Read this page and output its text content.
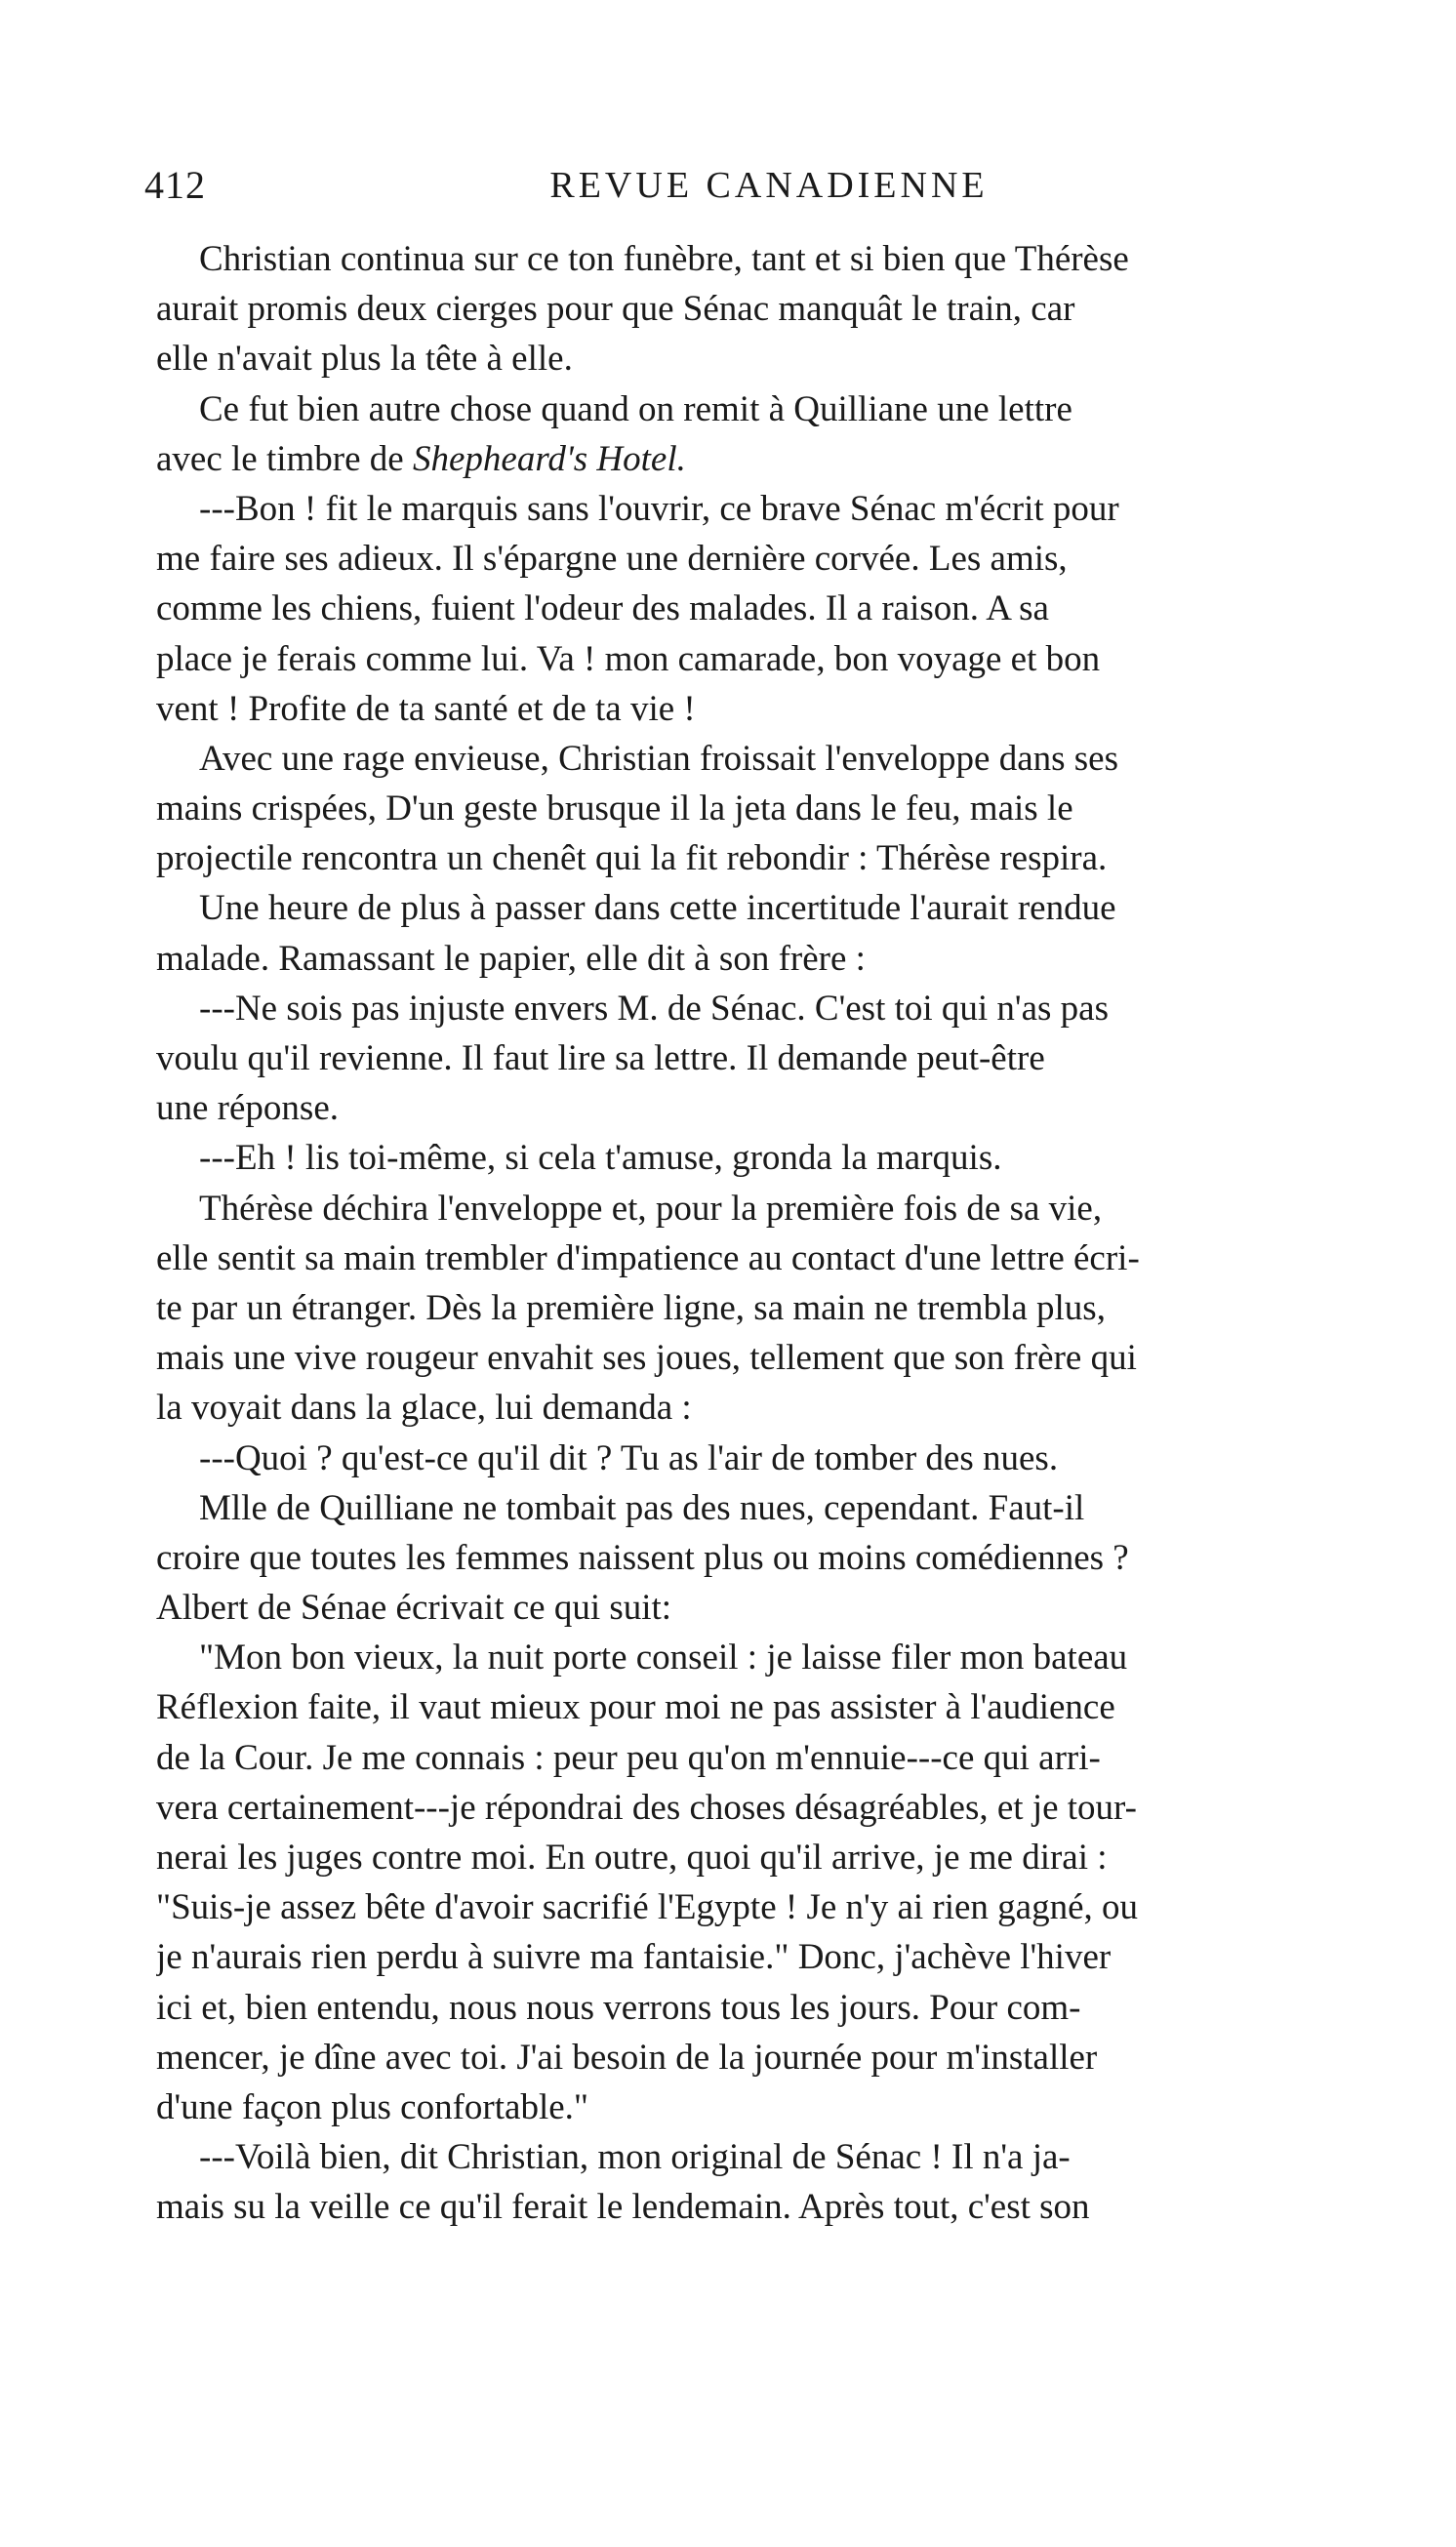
412	REVUE CANADIENNE
Christian continua sur ce ton funèbre, tant et si bien que Thérèse
aurait promis deux cierges pour que Sénac manquât le train, car
elle n'avait plus la tête à elle.
Ce fut bien autre chose quand on remit à Quilliane une lettre
avec le timbre de Shepheard's Hotel.
---Bon ! fit le marquis sans l'ouvrir, ce brave Sénac m'écrit pour
me faire ses adieux. Il s'épargne une dernière corvée. Les amis,
comme les chiens, fuient l'odeur des malades. Il a raison. A sa
place je ferais comme lui. Va ! mon camarade, bon voyage et bon
vent ! Profite de ta santé et de ta vie !
Avec une rage envieuse, Christian froissait l'enveloppe dans ses
mains crispées, D'un geste brusque il la jeta dans le feu, mais le
projectile rencontra un chenêt qui la fit rebondir : Thérèse respira.
Une heure de plus à passer dans cette incertitude l'aurait rendue
malade. Ramassant le papier, elle dit à son frère :
---Ne sois pas injuste envers M. de Sénac. C'est toi qui n'as pas
voulu qu'il revienne. Il faut lire sa lettre. Il demande peut-être
une réponse.
---Eh ! lis toi-même, si cela t'amuse, gronda la marquis.
Thérèse déchira l'enveloppe et, pour la première fois de sa vie,
elle sentit sa main trembler d'impatience au contact d'une lettre écri-
te par un étranger. Dès la première ligne, sa main ne trembla plus,
mais une vive rougeur envahit ses joues, tellement que son frère qui
la voyait dans la glace, lui demanda :
---Quoi ? qu'est-ce qu'il dit ? Tu as l'air de tomber des nues.
Mlle de Quilliane ne tombait pas des nues, cependant. Faut-il
croire que toutes les femmes naissent plus ou moins comédiennes ?
Albert de Sénae écrivait ce qui suit:
"Mon bon vieux, la nuit porte conseil : je laisse filer mon bateau
Réflexion faite, il vaut mieux pour moi ne pas assister à l'audience
de la Cour. Je me connais : peur peu qu'on m'ennuie---ce qui arri-
vera certainement---je répondrai des choses désagréables, et je tour-
nerai les juges contre moi. En outre, quoi qu'il arrive, je me dirai :
"Suis-je assez bête d'avoir sacrifié l'Egypte ! Je n'y ai rien gagné, ou
je n'aurais rien perdu à suivre ma fantaisie." Donc, j'achève l'hiver
ici et, bien entendu, nous nous verrons tous les jours. Pour com-
mencer, je dîne avec toi. J'ai besoin de la journée pour m'installer
d'une façon plus confortable."
---Voilà bien, dit Christian, mon original de Sénac ! Il n'a ja-
mais su la veille ce qu'il ferait le lendemain. Après tout, c'est son
